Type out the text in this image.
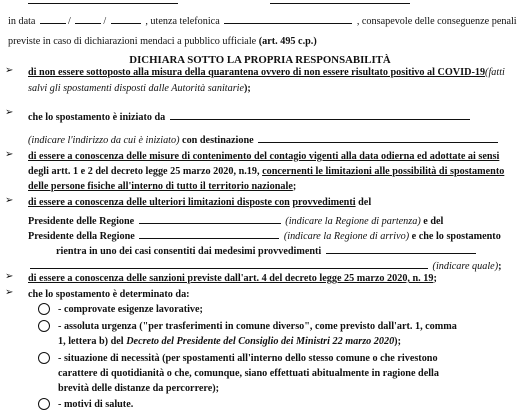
in data	/	/	, utenza telefonica	, consapevole delle conseguenze penali
previste in caso di dichiarazioni mendaci a pubblico ufficiale (art. 495 c.p.)
DICHIARA SOTTO LA PROPRIA RESPONSABILITÀ
➢ di non essere sottoposto alla misura della quarantena ovvero di non essere risultato positivo al COVID-19(fatti
salvi gli spostamenti disposti dalle Autorità sanitarie);
➢ che lo spostamento è iniziato da
(indicare l'indirizzo da cui è iniziato) con destinazione
➢ di essere a conoscenza delle misure di contenimento del contagio vigenti alla data odierna ed adottate ai sensi
degli artt. 1 e 2 del decreto legge 25 marzo 2020, n.19, concernenti le limitazioni alle possibilità di spostamento
delle persone fisiche all'interno di tutto il territorio nazionale;
➢ di essere a conoscenza delle ulteriori limitazioni disposte con provvedimenti del
Presidente delle Regione	(indicare la Regione di partenza) e del
Presidente della Regione	(indicare la Regione di arrivo) e che lo spostamento
rientra in uno dei casi consentiti dai medesimi provvedimenti
(indicare quale);
➢ di essere a conoscenza delle sanzioni previste dall'art. 4 del decreto legge 25 marzo 2020, n. 19;
➢ che lo spostamento è determinato da:
- comprovate esigenze lavorative;
- assoluta urgenza ("per trasferimenti in comune diverso", come previsto dall'art. 1, comma
1, lettera b) del Decreto del Presidente del Consiglio dei Ministri 22 marzo 2020);
- situazione di necessità (per spostamenti all'interno dello stesso comune o che rivestono
carattere di quotidianità o che, comunque, siano effettuati abitualmente in ragione della
brevità delle distanze da percorrere);
- motivi di salute.
